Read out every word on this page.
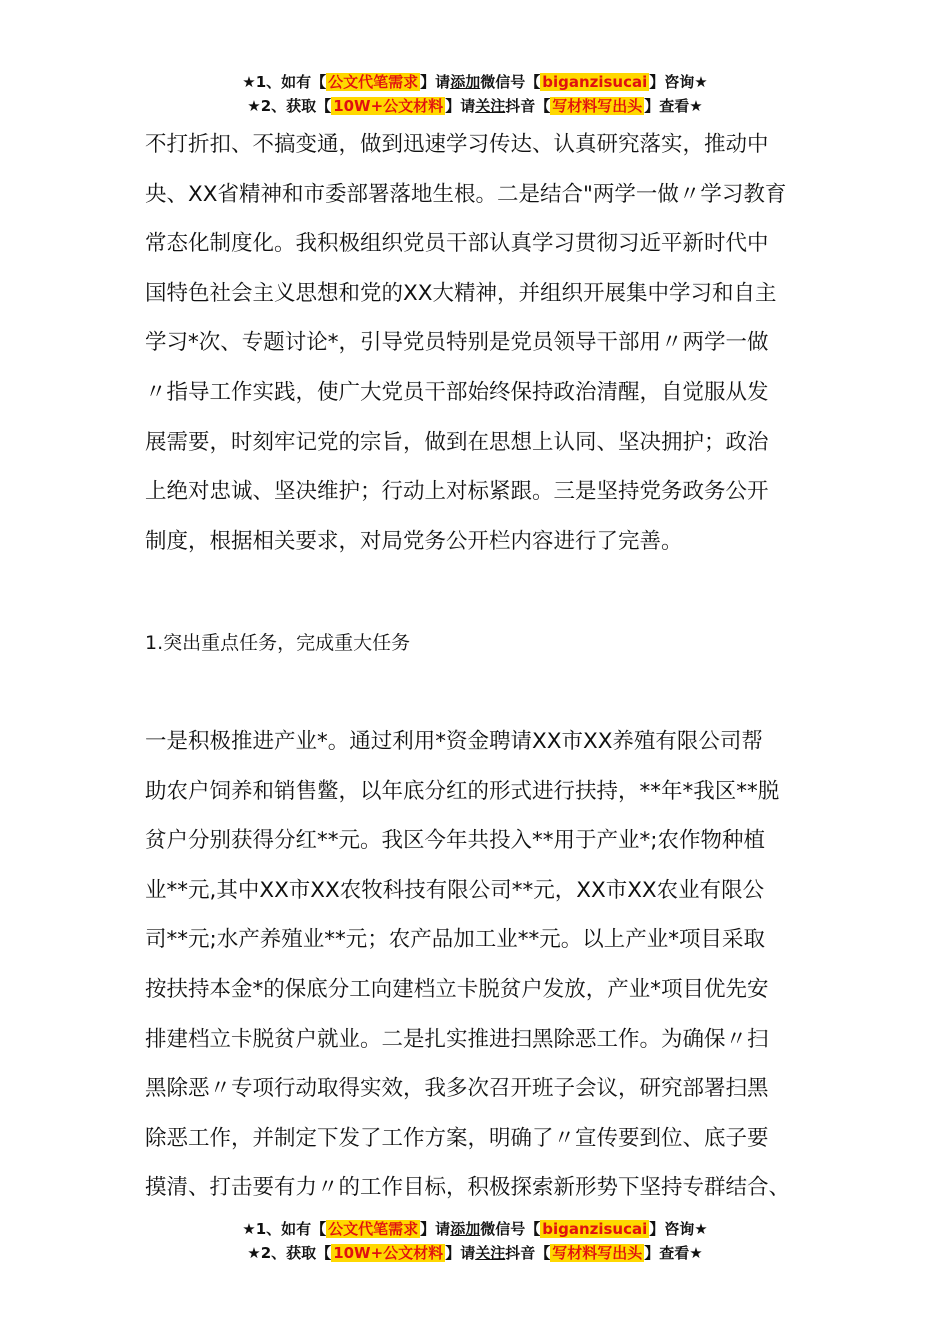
★1、如有【 公文代笔需求 】请添加微信号【 biganzisucai 】咨询★
★2、获取【 10W+公文材料 】请关注抖音【 写材料写出头 】查看★
不打折扣、不搞变通，做到迅速学习传达、认真研究落实，推动中
央、XX省精神和市委部署落地生根。二是结合"两学一做〃学习教育
常态化制度化。我积极组织党员干部认真学习贯彻习近平新时代中
国特色社会主义思想和党的XX大精神，并组织开展集中学习和自主
学习*次、专题讨论*，引导党员特别是党员领导干部用〃两学一做
〃指导工作实践，使广大党员干部始终保持政治清醒，自觉服从发
展需要，时刻牢记党的宗旨，做到在思想上认同、坚决拥护；政治
上绝对忠诚、坚决维护；行动上对标紧跟。三是坚持党务政务公开
制度，根据相关要求，对局党务公开栏内容进行了完善。
1.突出重点任务，完成重大任务
一是积极推进产业*。通过利用*资金聘请XX市XX养殖有限公司帮
助农户饲养和销售鳖，以年底分红的形式进行扶持，**年*我区**脱
贫户分别获得分红**元。我区今年共投入**用于产业*;农作物种植
业**元,其中XX市XX农牧科技有限公司**元，XX市XX农业有限公
司**元;水产养殖业**元；农产品加工业**元。以上产业*项目采取
按扶持本金*的保底分工向建档立卡脱贫户发放，产业*项目优先安
排建档立卡脱贫户就业。二是扎实推进扫黑除恶工作。为确保〃扫
黑除恶〃专项行动取得实效，我多次召开班子会议，研究部署扫黑
除恶工作，并制定下发了工作方案，明确了〃宣传要到位、底子要
摸清、打击要有力〃的工作目标，积极探索新形势下坚持专群结合、
★1、如有【 公文代笔需求 】请添加微信号【 biganzisucai 】咨询★
★2、获取【 10W+公文材料 】请关注抖音【 写材料写出头 】查看★
